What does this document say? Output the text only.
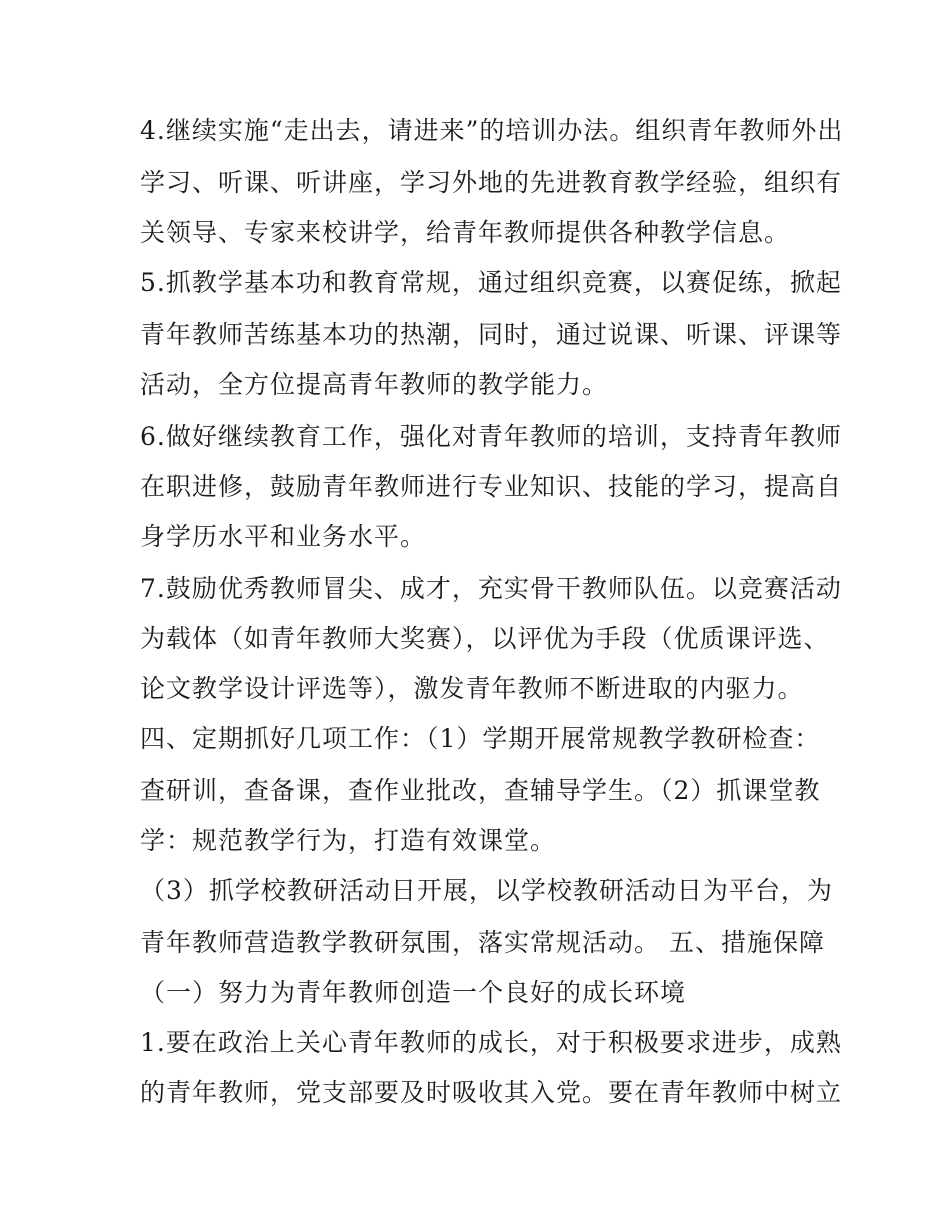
4.继续实施“走出去，请进来”的培训办法。组织青年教师外出
学习、听课、听讲座，学习外地的先进教育教学经验，组织有
关领导、专家来校讲学，给青年教师提供各种教学信息。
5.抓教学基本功和教育常规，通过组织竞赛，以赛促练，掀起
青年教师苦练基本功的热潮，同时，通过说课、听课、评课等
活动，全方位提高青年教师的教学能力。
6.做好继续教育工作，强化对青年教师的培训，支持青年教师
在职进修，鼓励青年教师进行专业知识、技能的学习，提高自
身学历水平和业务水平。
7.鼓励优秀教师冒尖、成才，充实骨干教师队伍。以竞赛活动
为载体（如青年教师大奖赛），以评优为手段（优质课评选、
论文教学设计评选等），激发青年教师不断进取的内驱力。
四、定期抓好几项工作：（1）学期开展常规教学教研检查：
查研训，查备课，查作业批改，查辅导学生。（2）抓课堂教
学：规范教学行为，打造有效课堂。
（3）抓学校教研活动日开展，以学校教研活动日为平台，为
青年教师营造教学教研氛围，落实常规活动。 五、措施保障
（一）努力为青年教师创造一个良好的成长环境
1.要在政治上关心青年教师的成长，对于积极要求进步，成熟
的青年教师，党支部要及时吸收其入党。要在青年教师中树立
